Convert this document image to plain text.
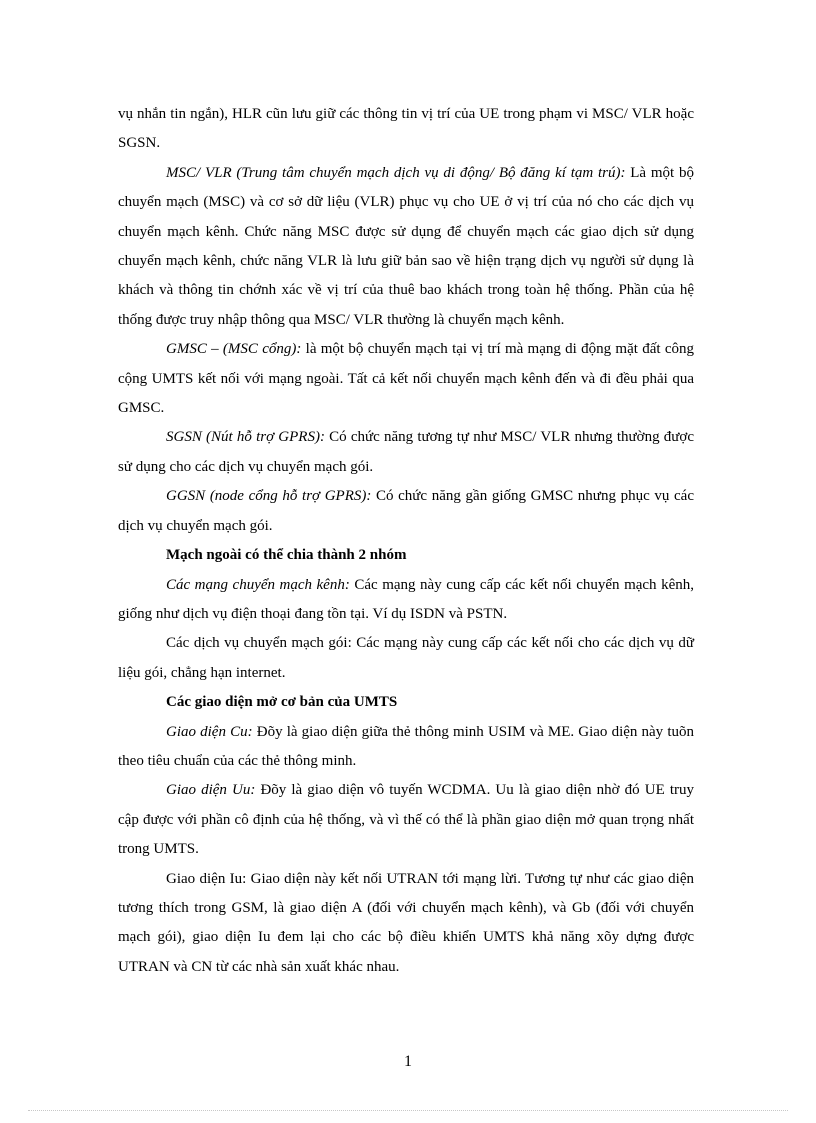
vụ nhắn tin ngắn), HLR cũn lưu giữ các thông tin vị trí của UE trong phạm vi MSC/ VLR hoặc SGSN.

MSC/ VLR (Trung tâm chuyển mạch dịch vụ di động/ Bộ đăng kí tạm trú): Là một bộ chuyển mạch (MSC) và cơ sở dữ liệu (VLR) phục vụ cho UE ở vị trí của nó cho các dịch vụ chuyển mạch kênh. Chức năng MSC được sử dụng để chuyển mạch các giao dịch sử dụng chuyển mạch kênh, chức năng VLR là lưu giữ bản sao về hiện trạng dịch vụ người sử dụng là khách và thông tin chớnh xác về vị trí của thuê bao khách trong toàn hệ thống. Phần của hệ thống được truy nhập thông qua MSC/ VLR thường là chuyển mạch kênh.

GMSC – (MSC cổng): là một bộ chuyển mạch tại vị trí mà mạng di động mặt đất công cộng UMTS kết nối với mạng ngoài. Tất cả kết nối chuyển mạch kênh đến và đi đều phải qua GMSC.

SGSN (Nút hỗ trợ GPRS): Có chức năng tương tự như MSC/ VLR nhưng thường được sử dụng cho các dịch vụ chuyển mạch gói.

GGSN (node cổng hỗ trợ GPRS): Có chức năng gần giống GMSC nhưng phục vụ các dịch vụ chuyển mạch gói.

Mạch ngoài có thể chia thành 2 nhóm

Các mạng chuyển mạch kênh: Các mạng này cung cấp các kết nối chuyển mạch kênh, giống như dịch vụ điện thoại đang tồn tại. Ví dụ ISDN và PSTN.

Các dịch vụ chuyển mạch gói: Các mạng này cung cấp các kết nối cho các dịch vụ dữ liệu gói, chẳng hạn internet.

Các giao diện mở cơ bản của UMTS

Giao diện Cu: Đõy là giao diện giữa thẻ thông minh USIM và ME. Giao diện này tuõn theo tiêu chuẩn của các thẻ thông minh.

Giao diện Uu: Đõy là giao diện vô tuyến WCDMA. Uu là giao diện nhờ đó UE truy cập được với phần cô định của hệ thống, và vì thế có thể là phần giao diện mở quan trọng nhất trong UMTS.

Giao diện Iu: Giao diện này kết nối UTRAN tới mạng lừi. Tương tự như các giao diện tương thích trong GSM, là giao diện A (đối với chuyển mạch kênh), và Gb (đối với chuyển mạch gói), giao diện Iu đem lại cho các bộ điều khiển UMTS khả năng xõy dựng được UTRAN và CN từ các nhà sản xuất khác nhau.

1
